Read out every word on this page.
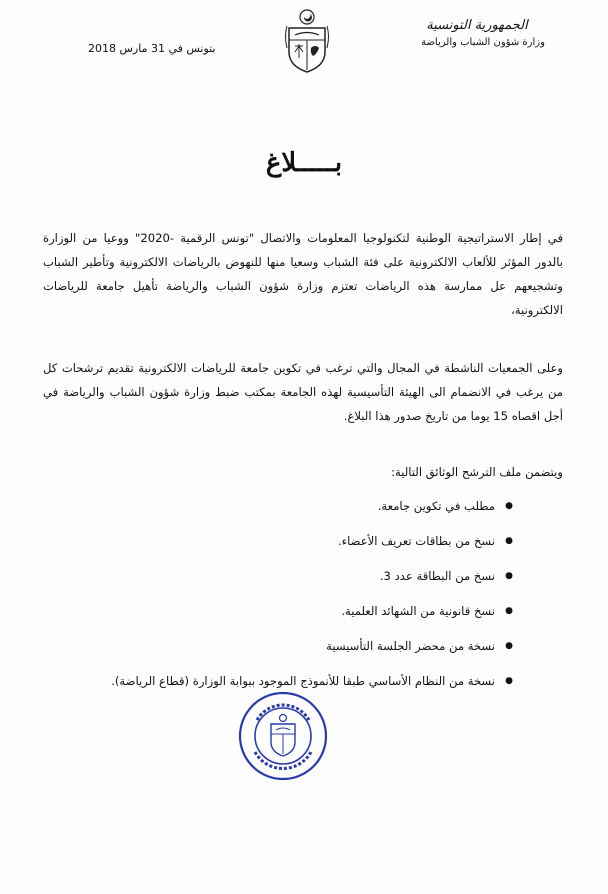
الجمهورية التونسية

وزارة شؤون الشباب والرياضة

بتونس في 31 مارس 2018
بـــــلاغ
في إطار الاستراتيجية الوطنية لتكنولوجيا المعلومات والاتصال "تونس الرقمية -2020" ووعيا من الوزارة بالدور المؤثر للألعاب الالكترونية على فئة الشباب وسعيا منها للنهوض بالرياضات الالكترونية وتأطير الشباب وتشجيعهم عل ممارسة هذه الرياضات تعتزم وزارة شؤون الشباب والرياضة تأهيل جامعة للرياضات الالكترونية،
وعلى الجمعيات الناشطة في المجال والتي ترغب في تكوين جامعة للرياضات الالكترونية تقديم ترشحات كل من يرغب في الانضمام الى الهيئة التأسيسية لهذه الجامعة بمكتب ضبط وزارة شؤون الشباب والرياضة في أجل اقصاه 15 يوما من تاريخ صدور هذا البلاغ.
ويتضمن ملف الترشح الوثائق التالية:
● مطلب في تكوين جامعة.
● نسخ من بطاقات تعريف الأعضاء.
● نسخ من البطاقة عدد 3.
● نسخ قانونية من الشهائد العلمية.
● نسخة من محضر الجلسة التأسيسية
● نسخة من النظام الأساسي طبقا للأنموذج الموجود ببوابة الوزارة (قطاع الرياضة).
